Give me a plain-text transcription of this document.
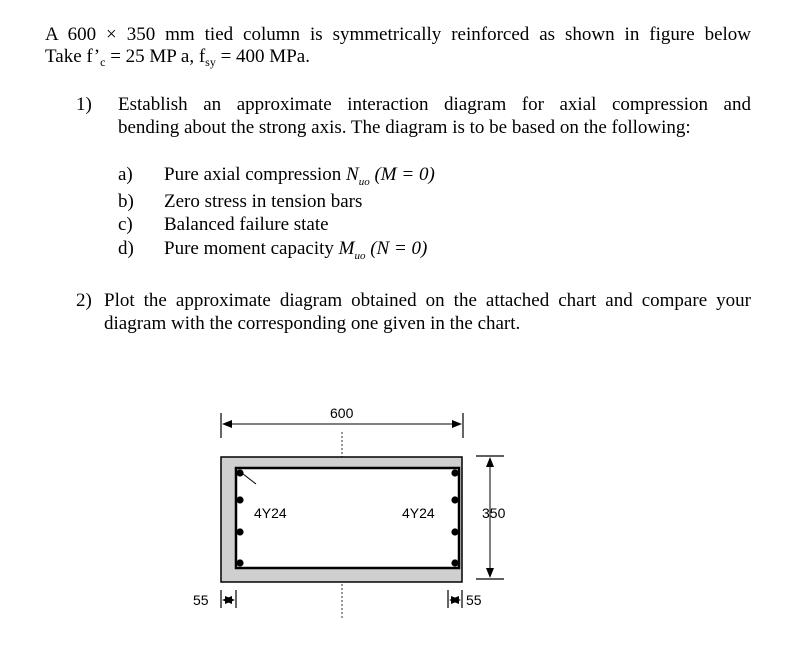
A 600 × 350 mm tied column is symmetrically reinforced as shown in figure below
Take $f’_c = 25$ MP a, $f_{sy} = 400$ MPa.
1) Establish an approximate interaction diagram for axial compression and
bending about the strong axis. The diagram is to be based on the following:
a) Pure axial compression $N_{uo}$ (M = 0)
b) Zero stress in tension bars
c) Balanced failure state
d) Pure moment capacity $M_{uo}$ (N = 0)
2) Plot the approximate diagram obtained on the attached chart and compare your
diagram with the corresponding one given in the chart.
600
4Y24	4Y24	350
55	55
